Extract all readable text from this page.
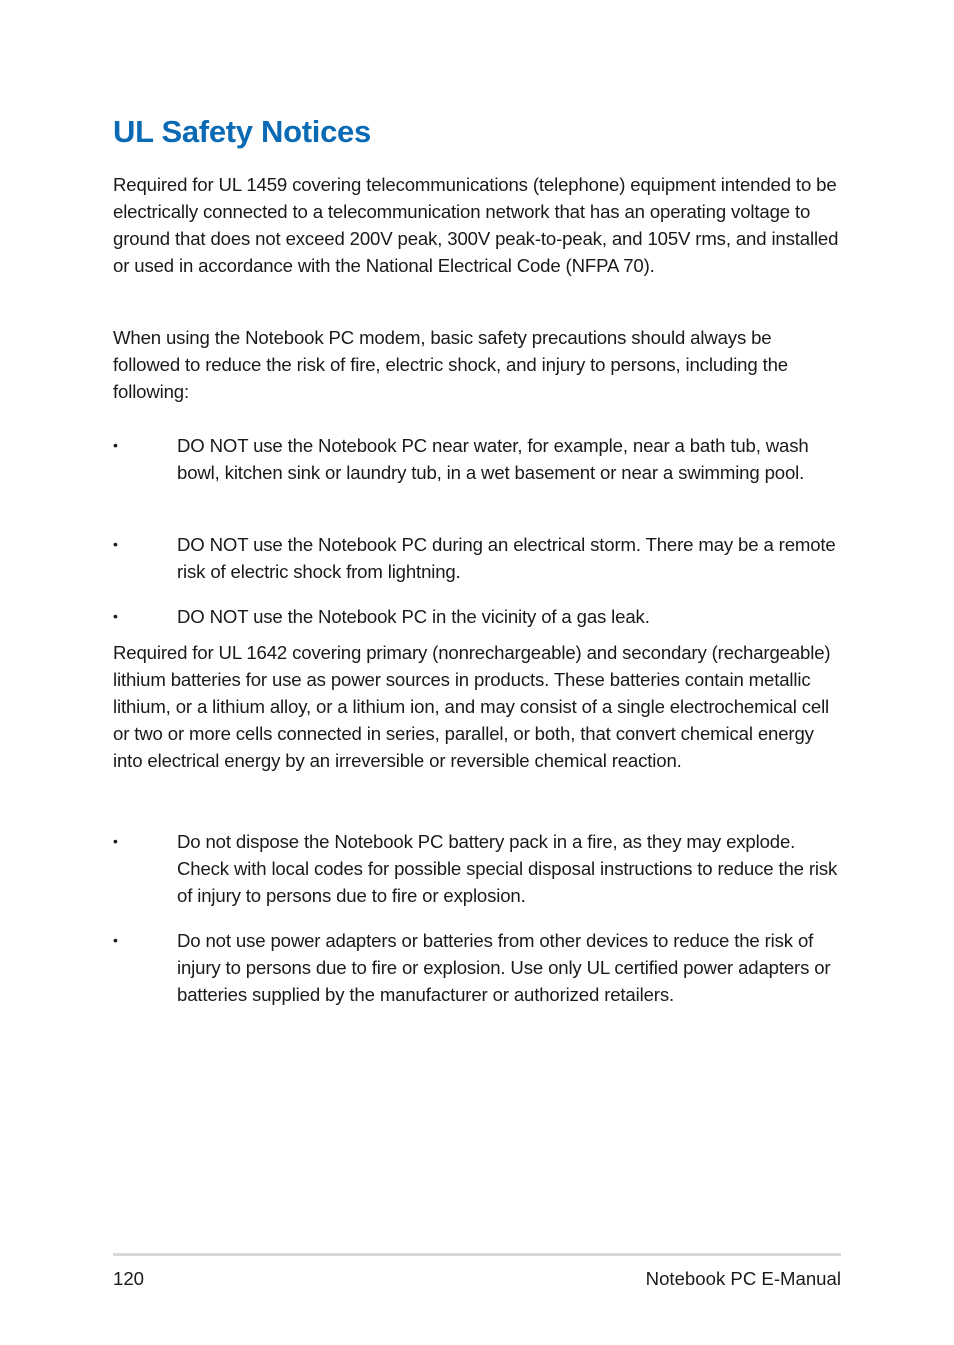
UL Safety Notices

Required for UL 1459 covering telecommunications (telephone) equipment intended to be electrically connected to a telecommunication network that has an operating voltage to ground that does not exceed 200V peak, 300V peak-to-peak, and 105V rms, and installed or used in accordance with the National Electrical Code (NFPA 70).

When using the Notebook PC modem, basic safety precautions should always be followed to reduce the risk of fire, electric shock, and injury to persons, including the following:

•	DO NOT use the Notebook PC near water, for example, near a bath tub, wash bowl, kitchen sink or laundry tub, in a wet basement or near a swimming pool.
•	DO NOT use the Notebook PC during an electrical storm. There may be a remote risk of electric shock from lightning.
•	DO NOT use the Notebook PC in the vicinity of a gas leak.

Required for UL 1642 covering primary (nonrechargeable) and secondary (rechargeable) lithium batteries for use as power sources in products. These batteries contain metallic lithium, or a lithium alloy, or a lithium ion, and may consist of a single electrochemical cell or two or more cells connected in series, parallel, or both, that convert chemical energy into electrical energy by an irreversible or reversible chemical reaction.

•	Do not dispose the Notebook PC battery pack in a fire, as they may explode. Check with local codes for possible special disposal instructions to reduce the risk of injury to persons due to fire or explosion.
•	Do not use power adapters or batteries from other devices to reduce the risk of injury to persons due to fire or explosion. Use only UL certified power adapters or batteries supplied by the manufacturer or authorized retailers.
120	Notebook PC E-Manual
